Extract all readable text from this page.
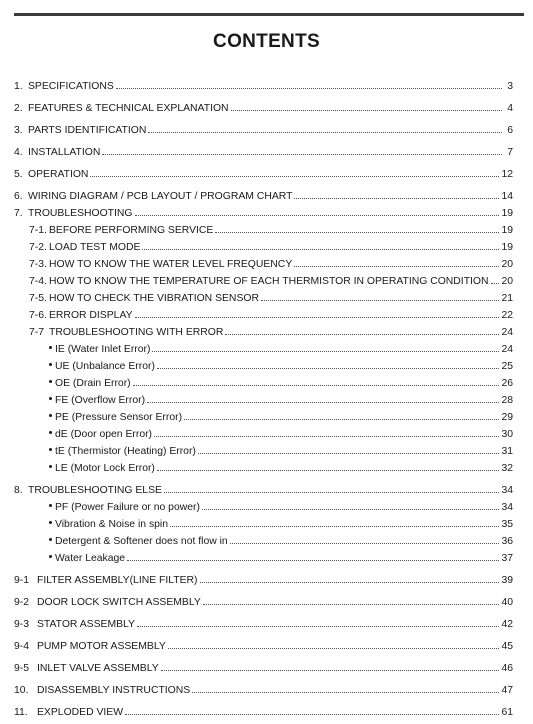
CONTENTS
1. SPECIFICATIONS	3
2. FEATURES & TECHNICAL EXPLANATION	4
3. PARTS IDENTIFICATION	6
4. INSTALLATION	7
5. OPERATION	12
6. WIRING DIAGRAM / PCB LAYOUT / PROGRAM CHART	14
7. TROUBLESHOOTING	19
7-1. BEFORE PERFORMING SERVICE	19
7-2. LOAD TEST MODE	19
7-3. HOW TO KNOW THE WATER LEVEL FREQUENCY	20
7-4. HOW TO KNOW THE TEMPERATURE OF EACH THERMISTOR IN OPERATING CONDITION 20
7-5. HOW TO CHECK THE VIBRATION SENSOR	21
7-6. ERROR DISPLAY	22
7-7 TROUBLESHOOTING WITH ERROR	24
IE (Water Inlet Error)	24
UE (Unbalance Error)	25
OE (Drain Error)	26
FE (Overflow Error)	28
PE (Pressure Sensor Error)	29
dE (Door open Error)	30
tE (Thermistor (Heating) Error)	31
LE (Motor Lock Error)	32
8. TROUBLESHOOTING ELSE	34
PF (Power Failure or no power)	34
Vibration & Noise in spin	35
Detergent & Softener does not flow in	36
Water Leakage	37
9-1 FILTER ASSEMBLY(LINE FILTER)	39
9-2 DOOR LOCK SWITCH ASSEMBLY	40
9-3 STATOR ASSEMBLY	42
9-4 PUMP MOTOR ASSEMBLY	45
9-5 INLET VALVE ASSEMBLY	46
10. DISASSEMBLY INSTRUCTIONS	47
11. EXPLODED VIEW	61
